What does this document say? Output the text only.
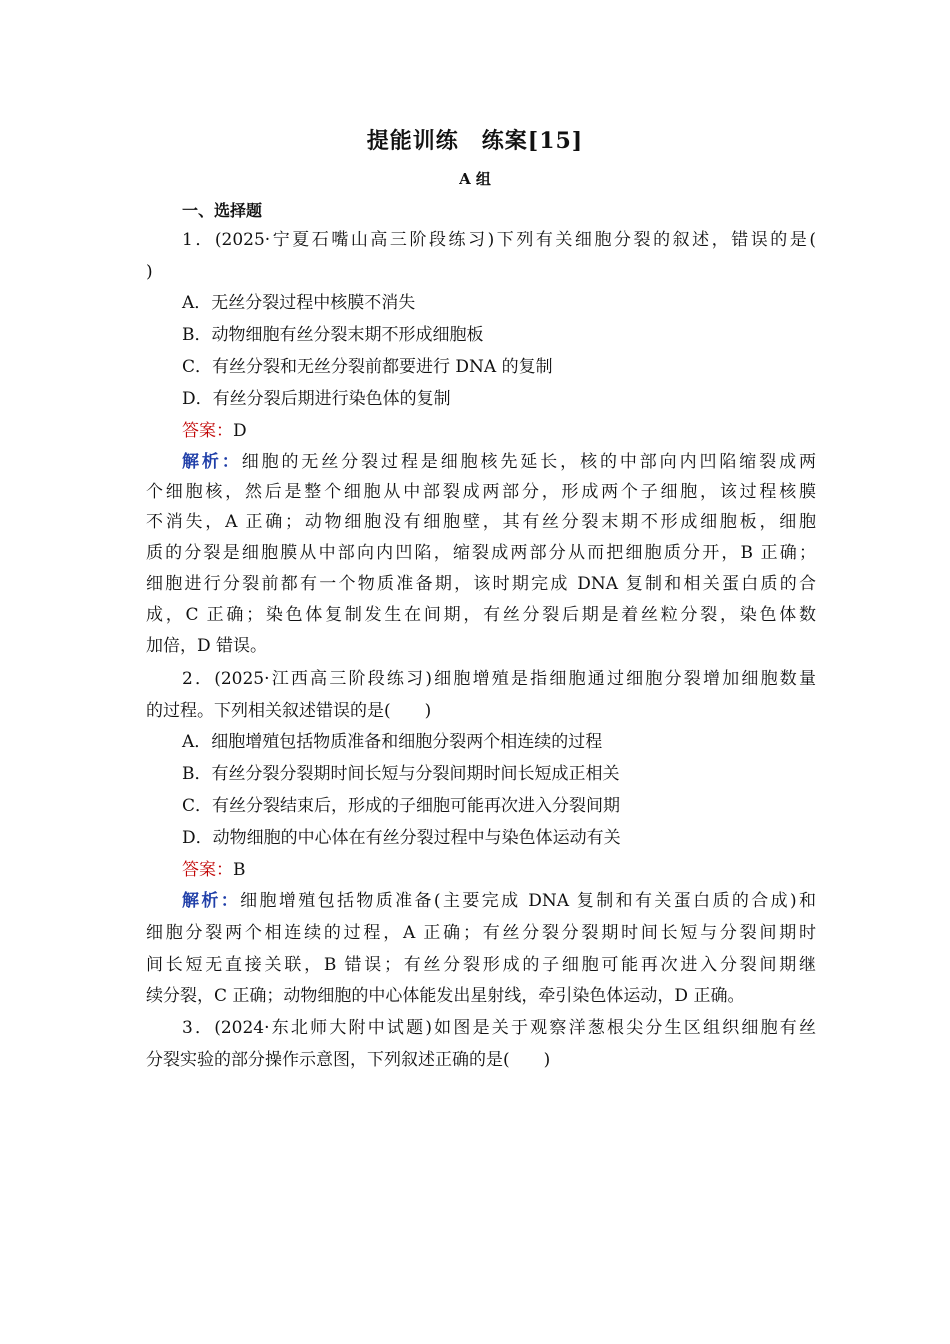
提能训练　练案[15]
A 组
一、选择题
1．(2025·宁夏石嘴山高三阶段练习)下列有关细胞分裂的叙述，错误的是(
)
A．无丝分裂过程中核膜不消失
B．动物细胞有丝分裂末期不形成细胞板
C．有丝分裂和无丝分裂前都要进行 DNA 的复制
D．有丝分裂后期进行染色体的复制
答案：D
解析：细胞的无丝分裂过程是细胞核先延长，核的中部向内凹陷缩裂成两
个细胞核，然后是整个细胞从中部裂成两部分，形成两个子细胞，该过程核膜
不消失，A 正确；动物细胞没有细胞壁，其有丝分裂末期不形成细胞板，细胞
质的分裂是细胞膜从中部向内凹陷，缩裂成两部分从而把细胞质分开，B 正确；
细胞进行分裂前都有一个物质准备期，该时期完成 DNA 复制和相关蛋白质的合
成，C 正确；染色体复制发生在间期，有丝分裂后期是着丝粒分裂，染色体数
加倍，D 错误。
2．(2025·江西高三阶段练习)细胞增殖是指细胞通过细胞分裂增加细胞数量
的过程。下列相关叙述错误的是(　　)
A．细胞增殖包括物质准备和细胞分裂两个相连续的过程
B．有丝分裂分裂期时间长短与分裂间期时间长短成正相关
C．有丝分裂结束后，形成的子细胞可能再次进入分裂间期
D．动物细胞的中心体在有丝分裂过程中与染色体运动有关
答案：B
解析：细胞增殖包括物质准备(主要完成 DNA 复制和有关蛋白质的合成)和
细胞分裂两个相连续的过程，A 正确；有丝分裂分裂期时间长短与分裂间期时
间长短无直接关联，B 错误；有丝分裂形成的子细胞可能再次进入分裂间期继
续分裂，C 正确；动物细胞的中心体能发出星射线，牵引染色体运动，D 正确。
3．(2024·东北师大附中试题)如图是关于观察洋葱根尖分生区组织细胞有丝
分裂实验的部分操作示意图，下列叙述正确的是(　　)
